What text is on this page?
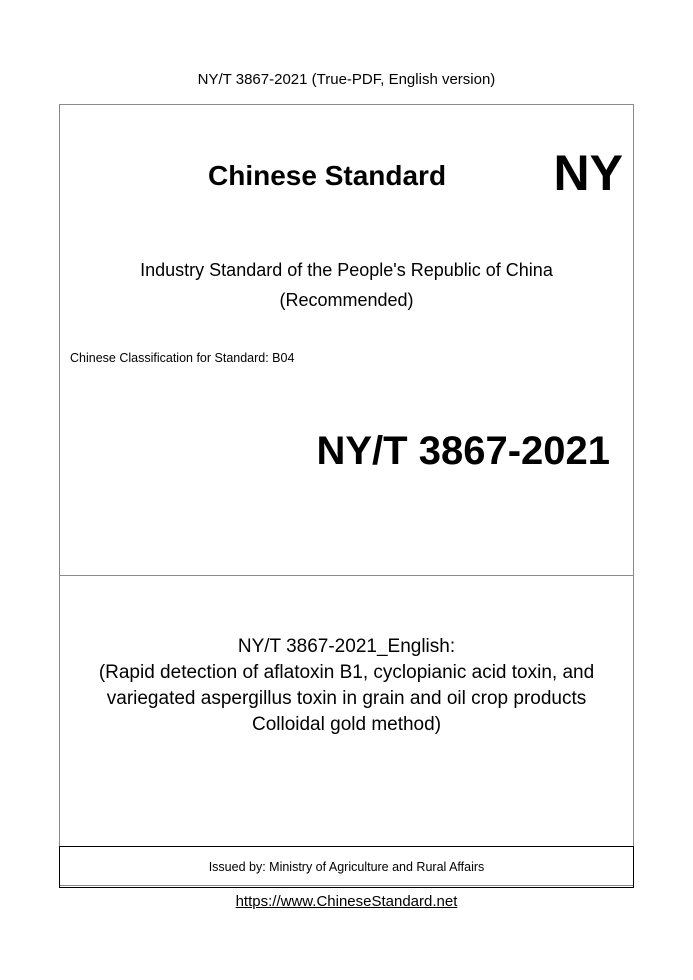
NY/T 3867-2021 (True-PDF, English version)
Chinese Standard NY
Industry Standard of the People's Republic of China
(Recommended)
Chinese Classification for Standard: B04
NY/T 3867-2021
NY/T 3867-2021_English:
(Rapid detection of aflatoxin B1, cyclopianic acid toxin, and
variegated aspergillus toxin in grain and oil crop products
Colloidal gold method)
Issued by: Ministry of Agriculture and Rural Affairs
https://www.ChineseStandard.net
